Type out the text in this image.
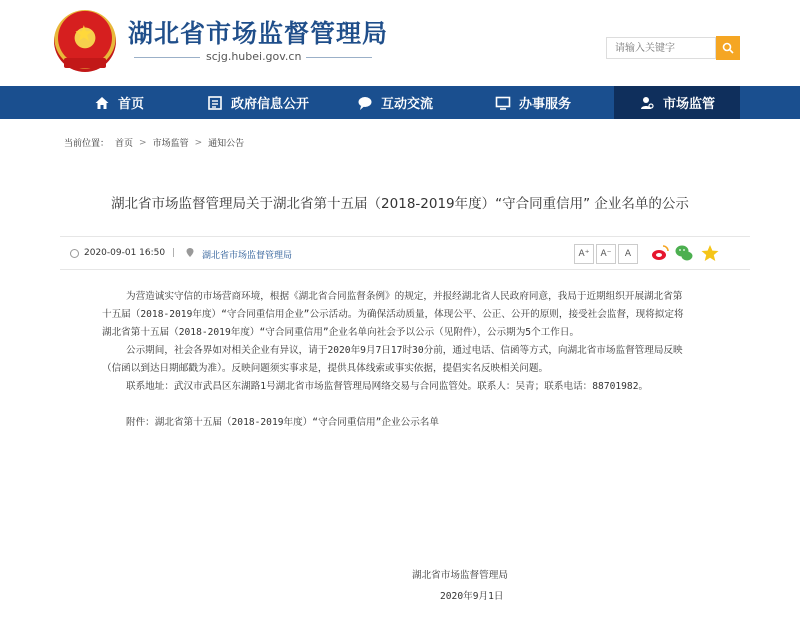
★ 湖北省市场监督管理局
scjg.hubei.gov.cn
请输入关键字
首页	政府信息公开	互动交流	办事服务	市场监管
当前位置： 首页 > 市场监管 > 通知公告
湖北省市场监督管理局关于湖北省第十五届（2018-2019年度）“守合同重信用” 企业名单的公示
2020-09-01 16:50 |	湖北省市场监督管理局	A⁺	A⁻	A

为营造诚实守信的市场营商环境，根据《湖北省合同监督条例》的规定，并报经湖北省人民政府同意，我局于近期组织开展湖北省第十五届（2018-2019年度）“守合同重信用企业”公示活动。为确保活动质量，体现公平、公正、公开的原则，接受社会监督，现将拟定将湖北省第十五届（2018-2019年度）“守合同重信用”企业名单向社会予以公示（见附件），公示期为5个工作日。

公示期间，社会各界如对相关企业有异议，请于2020年9月7日17时30分前，通过电话、信函等方式，向湖北省市场监督管理局反映（信函以到达日期邮戳为准）。反映问题须实事求是，提供具体线索或事实依据，提倡实名反映相关问题。

联系地址：武汉市武昌区东湖路1号湖北省市场监督管理局网络交易与合同监管处。联系人：吴青；联系电话：88701982。

附件：湖北省第十五届（2018-2019年度）“守合同重信用”企业公示名单

湖北省市场监督管理局
2020年9月1日
